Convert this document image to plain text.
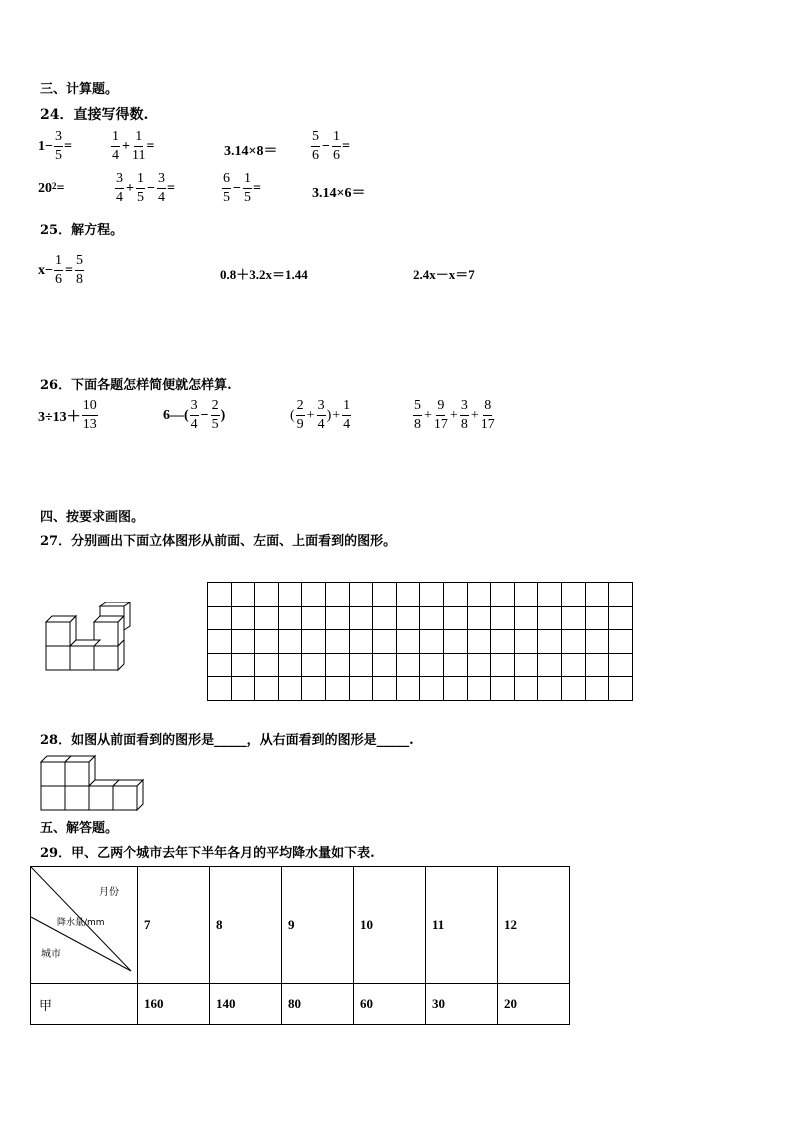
三、计算题。
24．直接写得数.
$1- \frac{3}{5}$ =	$\frac{1}{4} + \frac{1}{11}$ =	$3.14\times 8= \frac{5}{6} - \frac{1}{6}$ =
$20^2$ =	$\frac{3}{4} + \frac{1}{5} - \frac{3}{4}$ =	$\frac{6}{5} - \frac{1}{5}$ =	3.14×6＝
25．解方程。
$x- \frac{1}{6} = \frac{5}{8}$	0.8＋3.2x＝1.44	2.4x－x＝7
26．下面各题怎样简便就怎样算.
$3\div 13+ \frac{10}{13}$	6—( $\frac{3}{4} - \frac{2}{5}$ )	( $\frac{2}{9} + \frac{3}{4}$ ) + $\frac{1}{4}$	$\frac{5}{8} + \frac{9}{17} + \frac{3}{8} + \frac{8}{17}$
四、按要求画图。
27．分别画出下面立体图形从前面、左面、上面看到的图形。

28．如图从前面看到的图形是_____，从右面看到的图形是_____.
五、解答题。
29．甲、乙两个城市去年下半年各月的平均降水量如下表.
月份
降水量/mm
城市	7	8	9	10	11	12
甲	160	140	80	60	30	20
